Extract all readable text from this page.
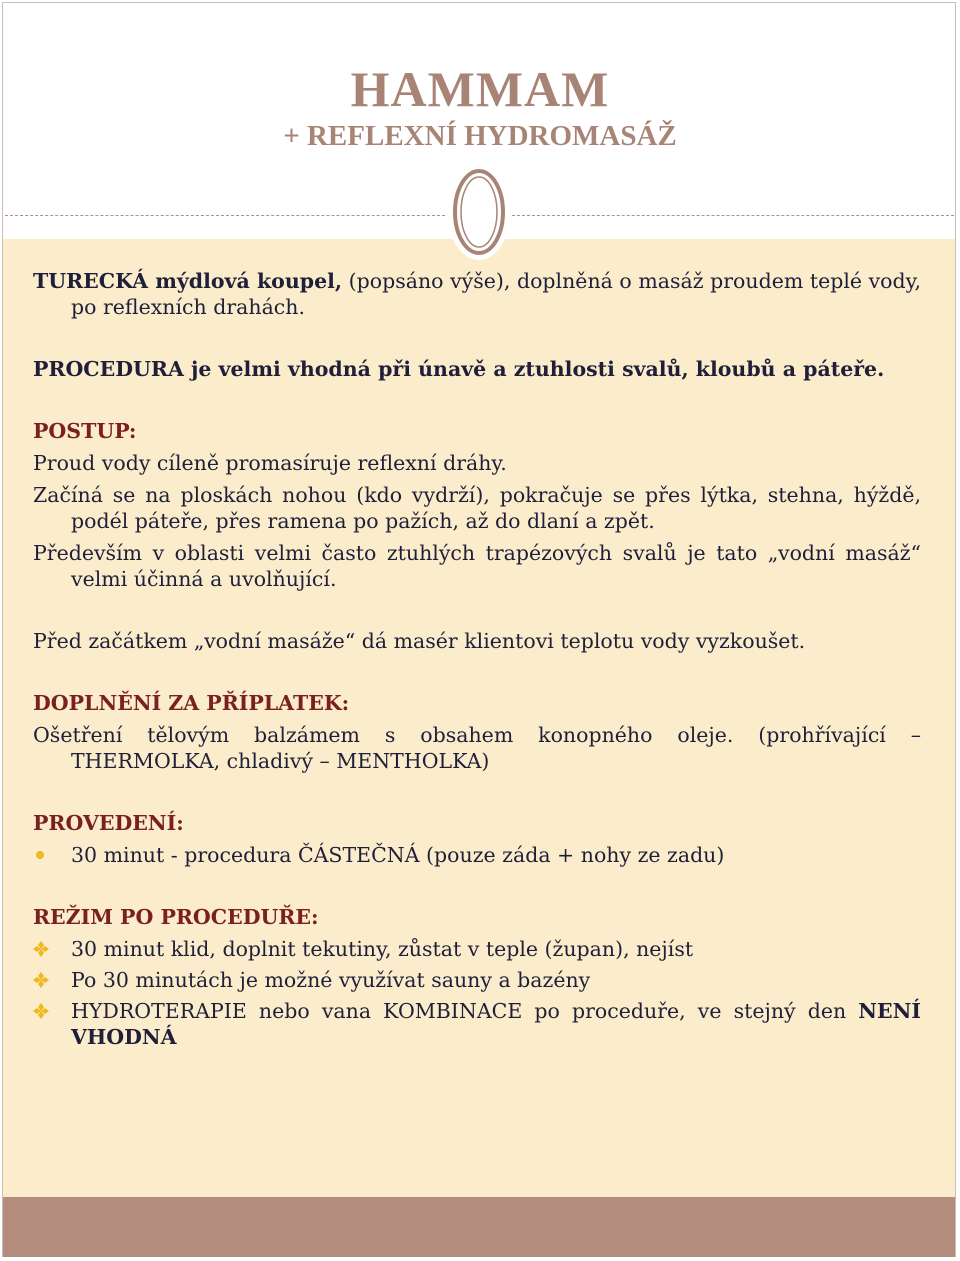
HAMMAM
+ REFLEXNÍ HYDROMASÁŽ

TURECKÁ mýdlová koupel, (popsáno výše), doplněná o masáž proudem teplé vody, po reflexních drahách.

PROCEDURA je velmi vhodná při únavě a ztuhlosti svalů, kloubů a páteře.

POSTUP:

Proud vody cíleně promasíruje reflexní dráhy.

Začíná se na ploskách nohou (kdo vydrží), pokračuje se přes lýtka, stehna, hýždě, podél páteře, přes ramena po pažích, až do dlaní a zpět.

Především v oblasti velmi často ztuhlých trapézových svalů je tato „vodní masáž“ velmi účinná a uvolňující.

Před začátkem „vodní masáže“ dá masér klientovi teplotu vody vyzkoušet.

DOPLNĚNÍ ZA PŘÍPLATEK:

Ošetření tělovým balzámem s obsahem konopného oleje. (prohřívající – THERMOLKA, chladivý – MENTHOLKA)

PROVEDENÍ:
30 minut - procedura ČÁSTEČNÁ (pouze záda + nohy ze zadu)
REŽIM PO PROCEDUŘE:
30 minut klid, doplnit tekutiny, zůstat v teple (župan), nejíst
Po 30 minutách je možné využívat sauny a bazény
HYDROTERAPIE nebo vana KOMBINACE po proceduře, ve stejný den NENÍ VHODNÁ
